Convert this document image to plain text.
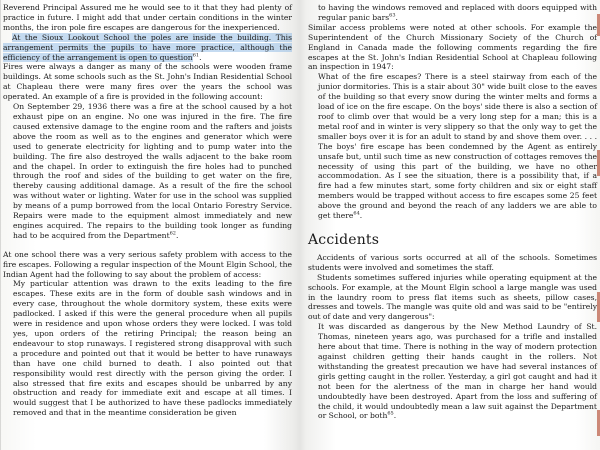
Reverend Principal Assured me he would see to it that they had plenty of practice in future. I might add that under certain conditions in the winter months, the iron pole fire escapes are dangerous for the inexperienced.

At the Sioux Lookout School the poles are inside the building. This arrangement permits the pupils to have more practice, although the efficiency of the arrangement is open to question$^{61}$.

Fires were always a danger as many of the schools were wooden frame buildings. At some schools such as the St. John's Indian Residential School at Chapleau there were many fires over the years the school was operated. An example of a fire is provided in the following account:

On September 29, 1936 there was a fire at the school caused by a hot exhaust pipe on an engine. No one was injured in the fire. The fire caused extensive damage to the engine room and the rafters and joists above the room as well as to the engines and generator which were used to generate electricity for lighting and to pump water into the building. The fire also destroyed the walls adjacent to the bake room and the chapel. In order to extinguish the fire holes had to punched through the roof and sides of the building to get water on the fire, thereby causing additional damage. As a result of the fire the school was without water or lighting. Water for use in the school was supplied by means of a pump borrowed from the local Ontario Forestry Service. Repairs were made to the equipment almost immediately and new engines acquired. The repairs to the building took longer as funding had to be acquired from the Department$^{62}$.

At one school there was a very serious safety problem with access to the fire escapes. Following a regular inspection of the Mount Elgin School, the Indian Agent had the following to say about the problem of access:

My particular attention was drawn to the exits leading to the fire escapes. These exits are in the form of double sash windows and in every case, throughout the whole dormitory system, these exits were padlocked. I asked if this were the general procedure when all pupils were in residence and upon whose orders they were locked. I was told yes, upon orders of the retiring Principal; the reason being an endeavour to stop runaways. I registered strong disapproval with such a procedure and pointed out that it would be better to have runaways than have one child burned to death. I also pointed out that responsibility would rest directly with the person giving the order. I also stressed that fire exits and escapes should be unbarred by any obstruction and ready for immediate exit and escape at all times. I would suggest that I be authorized to have these padlocks immediately removed and that in the meantime consideration be given

to having the windows removed and replaced with doors equipped with regular panic bars$^{63}$.

Similar access problems were noted at other schools. For example the Superintendent of the Church Missionary Society of the Church of England in Canada made the following comments regarding the fire escapes at the St. John's Indian Residential School at Chapleau following an inspection in 1947:

What of the fire escapes? There is a steel stairway from each of the junior dormitories. This is a stair about 30" wide built close to the eaves of the building so that every snow during the winter melts and forms a load of ice on the fire escape. On the boys' side there is also a section of roof to climb over that would be a very long step for a man; this is a metal roof and in winter is very slippery so that the only way to get the smaller boys over it is for an adult to stand by and shove them over. . . . The boys' fire escape has been condemned by the Agent as entirely unsafe but, until such time as new construction of cottages removes the necessity of using this part of the building, we have no other accommodation. As I see the situation, there is a possibility that, if a fire had a few minutes start, some forty children and six or eight staff members would be trapped without access to fire escapes some 25 feet above the ground and beyond the reach of any ladders we are able to get there$^{64}$.

Accidents

Accidents of various sorts occurred at all of the schools. Sometimes students were involved and sometimes the staff.

Students sometimes suffered injuries while operating equipment at the schools. For example, at the Mount Elgin school a large mangle was used in the laundry room to press flat items such as sheets, pillow cases, dresses and towels. The mangle was quite old and was said to be "entirely out of date and very dangerous":

It was discarded as dangerous by the New Method Laundry of St. Thomas, nineteen years ago, was purchased for a trifle and installed here about that time. There is nothing in the way of modern protection against children getting their hands caught in the rollers. Not withstanding the greatest precaution we have had several instances of girls getting caught in the roller. Yesterday, a girl got caught and had it not been for the alertness of the man in charge her hand would undoubtedly have been destroyed. Apart from the loss and suffering of the child, it would undoubtedly mean a law suit against the Department or School, or both$^{65}$.
